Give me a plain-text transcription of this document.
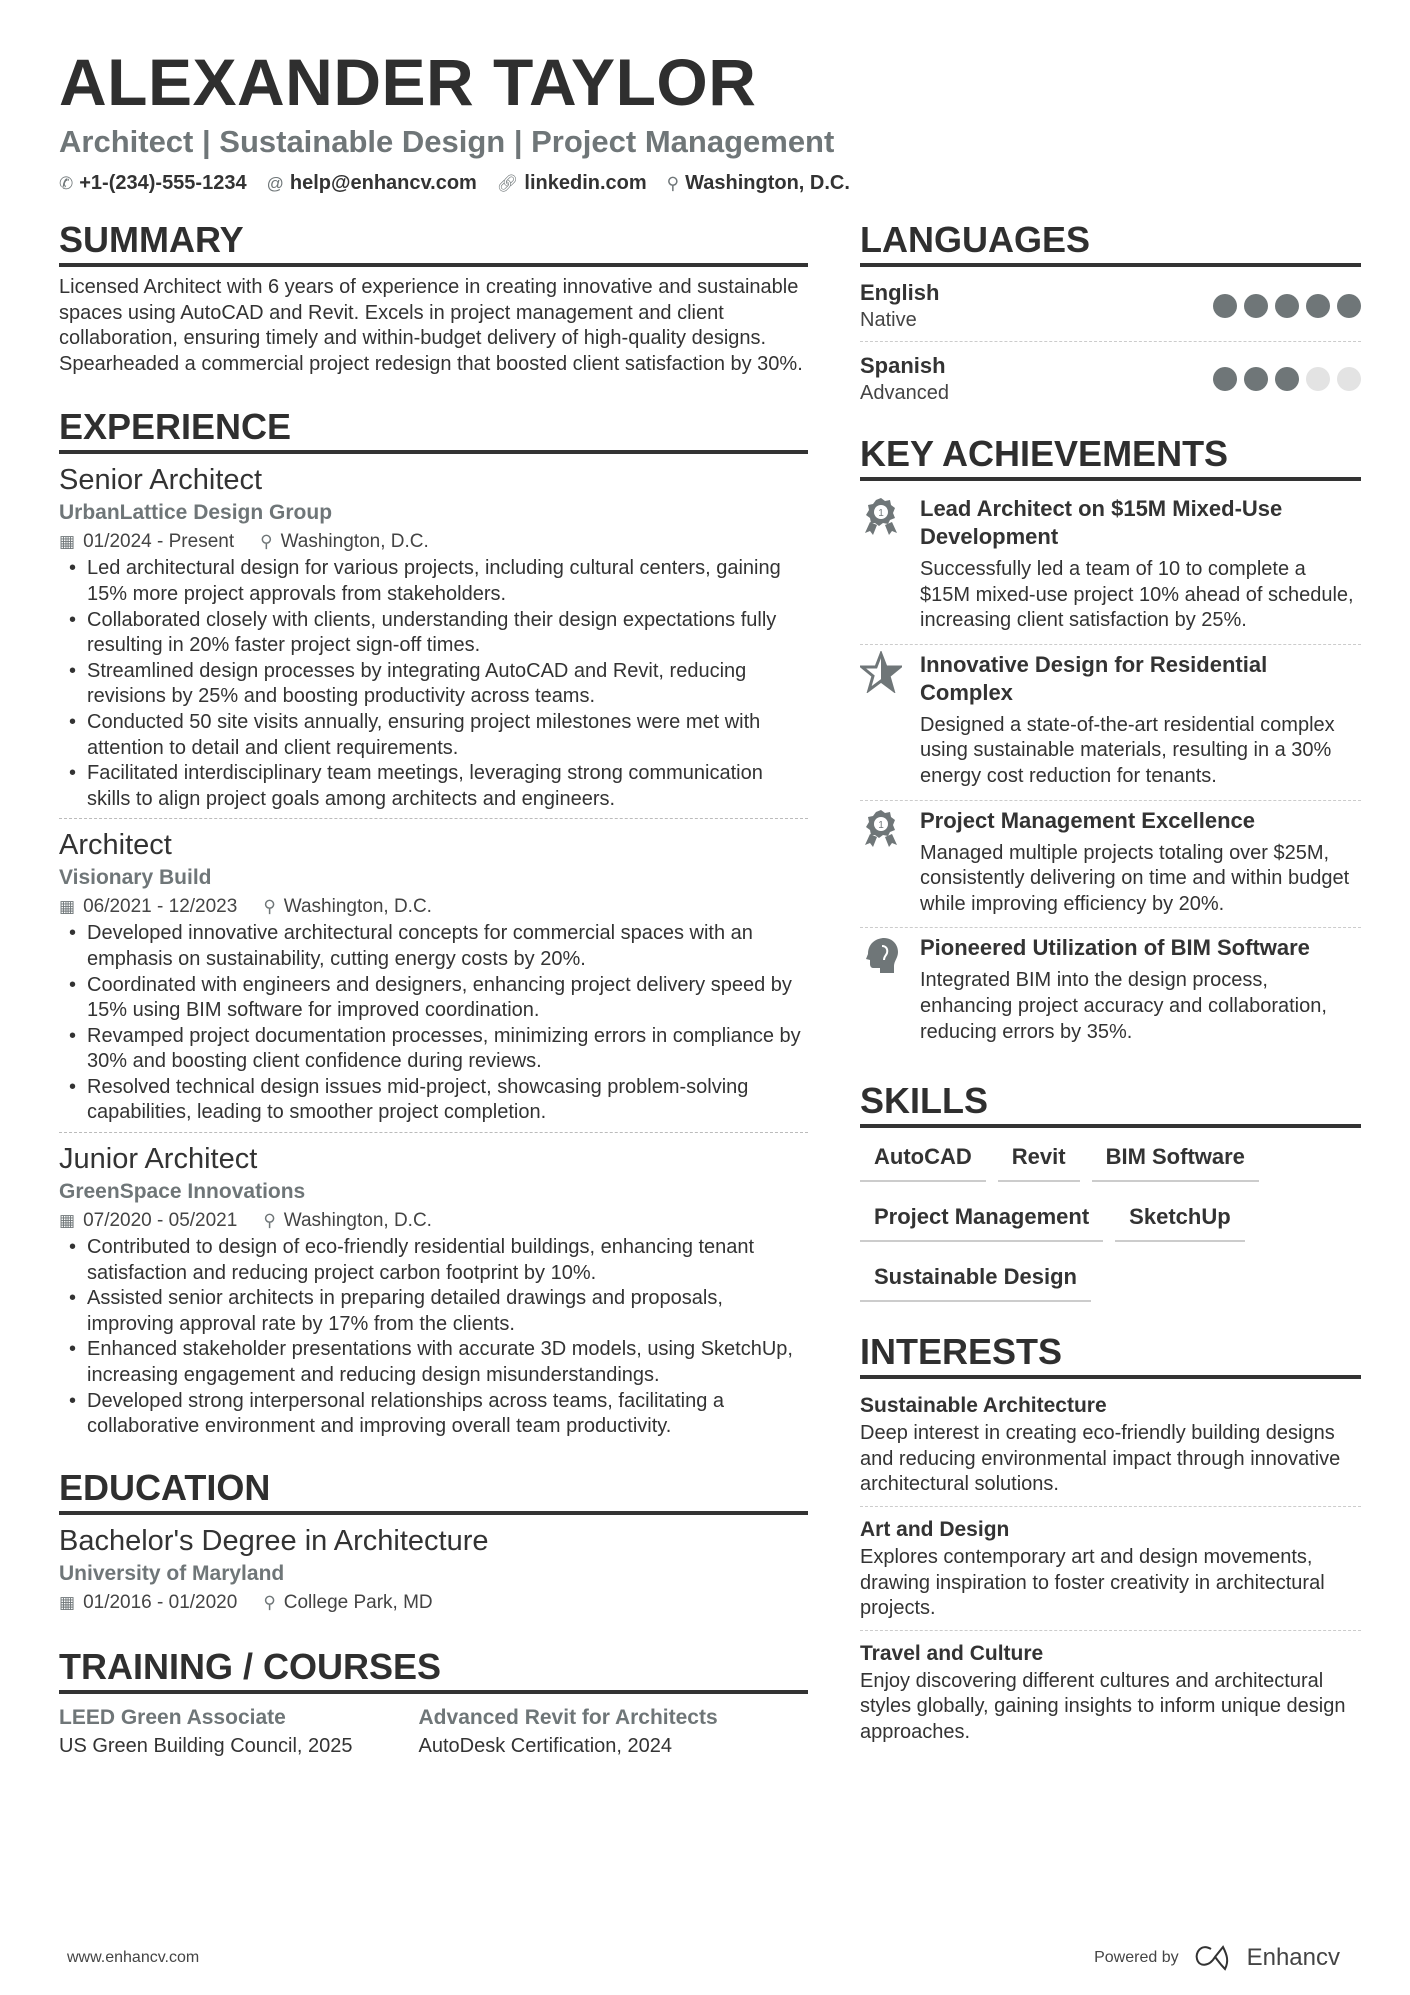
ALEXANDER TAYLOR
Architect | Sustainable Design | Project Management
✆ +1-(234)-555-1234 @ help@enhancv.com 🔗︎ linkedin.com ⚲ Washington, D.C.
SUMMARY

Licensed Architect with 6 years of experience in creating innovative and sustainable spaces using AutoCAD and Revit. Excels in project management and client collaboration, ensuring timely and within-budget delivery of high-quality designs. Spearheaded a commercial project redesign that boosted client satisfaction by 30%.

EXPERIENCE
Senior Architect
UrbanLattice Design Group
▦ 01/2024 - Present ⚲ Washington, D.C.
• Led architectural design for various projects, including cultural centers, gaining 15% more project approvals from stakeholders.
• Collaborated closely with clients, understanding their design expectations fully resulting in 20% faster project sign-off times.
• Streamlined design processes by integrating AutoCAD and Revit, reducing revisions by 25% and boosting productivity across teams.
• Conducted 50 site visits annually, ensuring project milestones were met with attention to detail and client requirements.
• Facilitated interdisciplinary team meetings, leveraging strong communication skills to align project goals among architects and engineers.
Architect
Visionary Build
▦ 06/2021 - 12/2023 ⚲ Washington, D.C.
• Developed innovative architectural concepts for commercial spaces with an emphasis on sustainability, cutting energy costs by 20%.
• Coordinated with engineers and designers, enhancing project delivery speed by 15% using BIM software for improved coordination.
• Revamped project documentation processes, minimizing errors in compliance by 30% and boosting client confidence during reviews.
• Resolved technical design issues mid-project, showcasing problem-solving capabilities, leading to smoother project completion.
Junior Architect
GreenSpace Innovations
▦ 07/2020 - 05/2021 ⚲ Washington, D.C.
• Contributed to design of eco-friendly residential buildings, enhancing tenant satisfaction and reducing project carbon footprint by 10%.
• Assisted senior architects in preparing detailed drawings and proposals, improving approval rate by 17% from the clients.
• Enhanced stakeholder presentations with accurate 3D models, using SketchUp, increasing engagement and reducing design misunderstandings.
• Developed strong interpersonal relationships across teams, facilitating a collaborative environment and improving overall team productivity.
EDUCATION
Bachelor's Degree in Architecture
University of Maryland
▦ 01/2016 - 01/2020 ⚲ College Park, MD
TRAINING / COURSES
LEED Green Associate
US Green Building Council, 2025
Advanced Revit for Architects
AutoDesk Certification, 2024
LANGUAGES
English
Native
Spanish
Advanced
KEY ACHIEVEMENTS
1 Lead Architect on $15M Mixed-Use Development
Successfully led a team of 10 to complete a $15M mixed-use project 10% ahead of schedule, increasing client satisfaction by 25%.
Innovative Design for Residential Complex
Designed a state-of-the-art residential complex using sustainable materials, resulting in a 30% energy cost reduction for tenants.
1 Project Management Excellence
Managed multiple projects totaling over $25M, consistently delivering on time and within budget while improving efficiency by 20%.
Pioneered Utilization of BIM Software
Integrated BIM into the design process, enhancing project accuracy and collaboration, reducing errors by 35%.
SKILLS
AutoCAD	Revit	BIM Software
Project Management	SketchUp
Sustainable Design
INTERESTS
Sustainable Architecture
Deep interest in creating eco-friendly building designs and reducing environmental impact through innovative architectural solutions.
Art and Design
Explores contemporary art and design movements, drawing inspiration to foster creativity in architectural projects.
Travel and Culture
Enjoy discovering different cultures and architectural styles globally, gaining insights to inform unique design approaches.
www.enhancv.com	Powered by	Enhancv
